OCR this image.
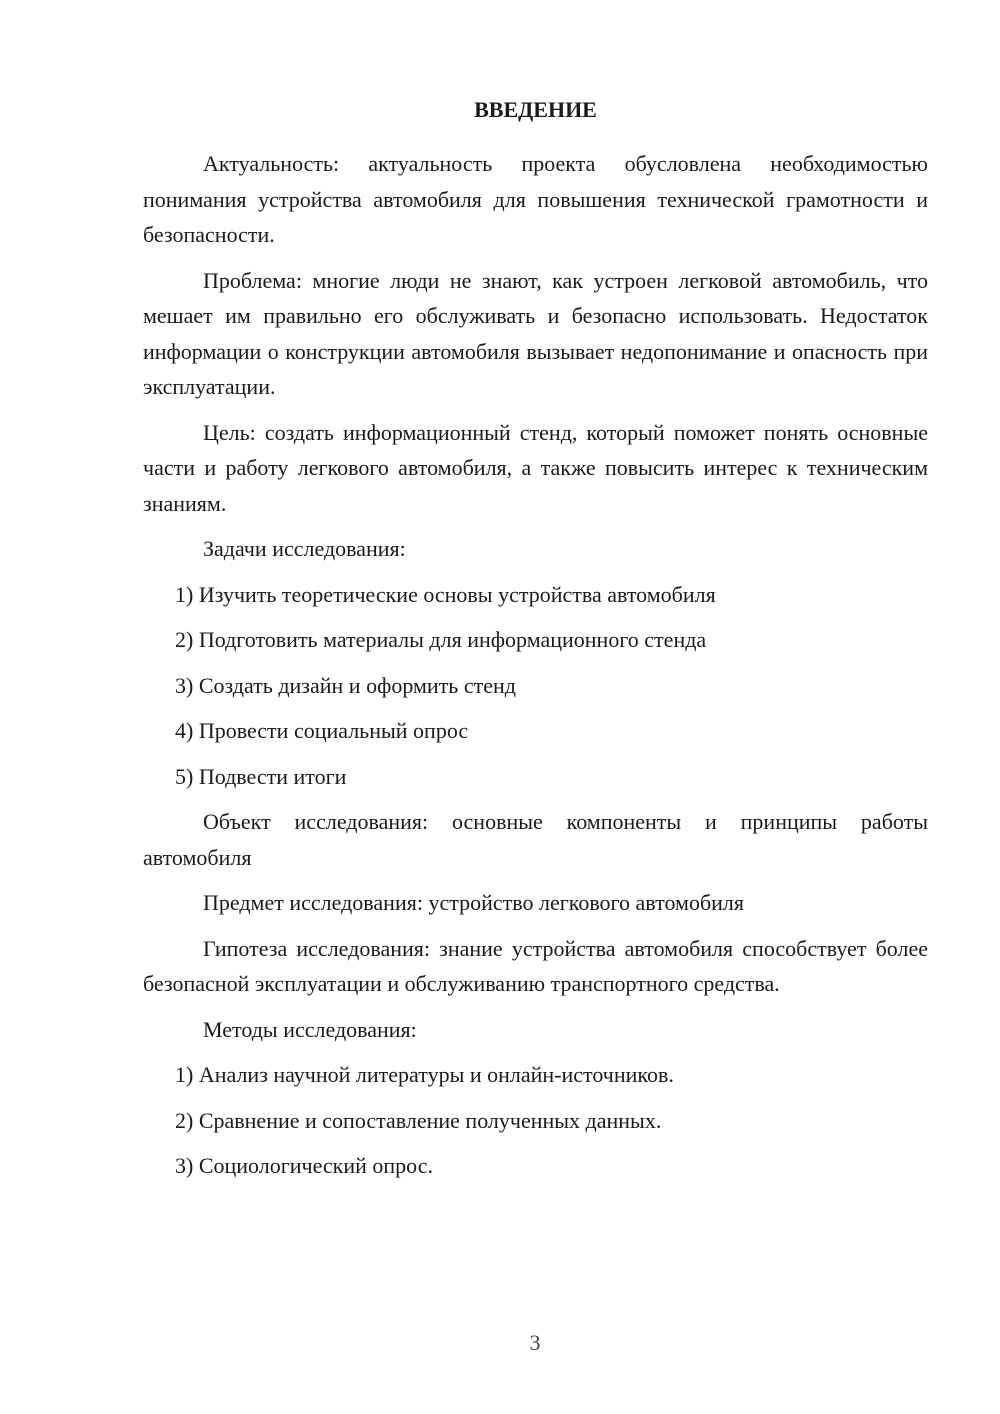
ВВЕДЕНИЕ

Актуальность: актуальность проекта обусловлена необходимостью понимания устройства автомобиля для повышения технической грамотности и безопасности.

Проблема: многие люди не знают, как устроен легковой автомобиль, что мешает им правильно его обслуживать и безопасно использовать. Недостаток информации о конструкции автомобиля вызывает недопонимание и опасность при эксплуатации.

Цель: создать информационный стенд, который поможет понять основные части и работу легкового автомобиля, а также повысить интерес к техническим знаниям.

Задачи исследования:

1) Изучить теоретические основы устройства автомобиля

2) Подготовить материалы для информационного стенда

3) Создать дизайн и оформить стенд

4) Провести социальный опрос

5) Подвести итоги

Объект исследования: основные компоненты и принципы работы автомобиля

Предмет исследования: устройство легкового автомобиля

Гипотеза исследования: знание устройства автомобиля способствует более безопасной эксплуатации и обслуживанию транспортного средства.

Методы исследования:

1) Анализ научной литературы и онлайн-источников.

2) Сравнение и сопоставление полученных данных.

3) Социологический опрос.

3
